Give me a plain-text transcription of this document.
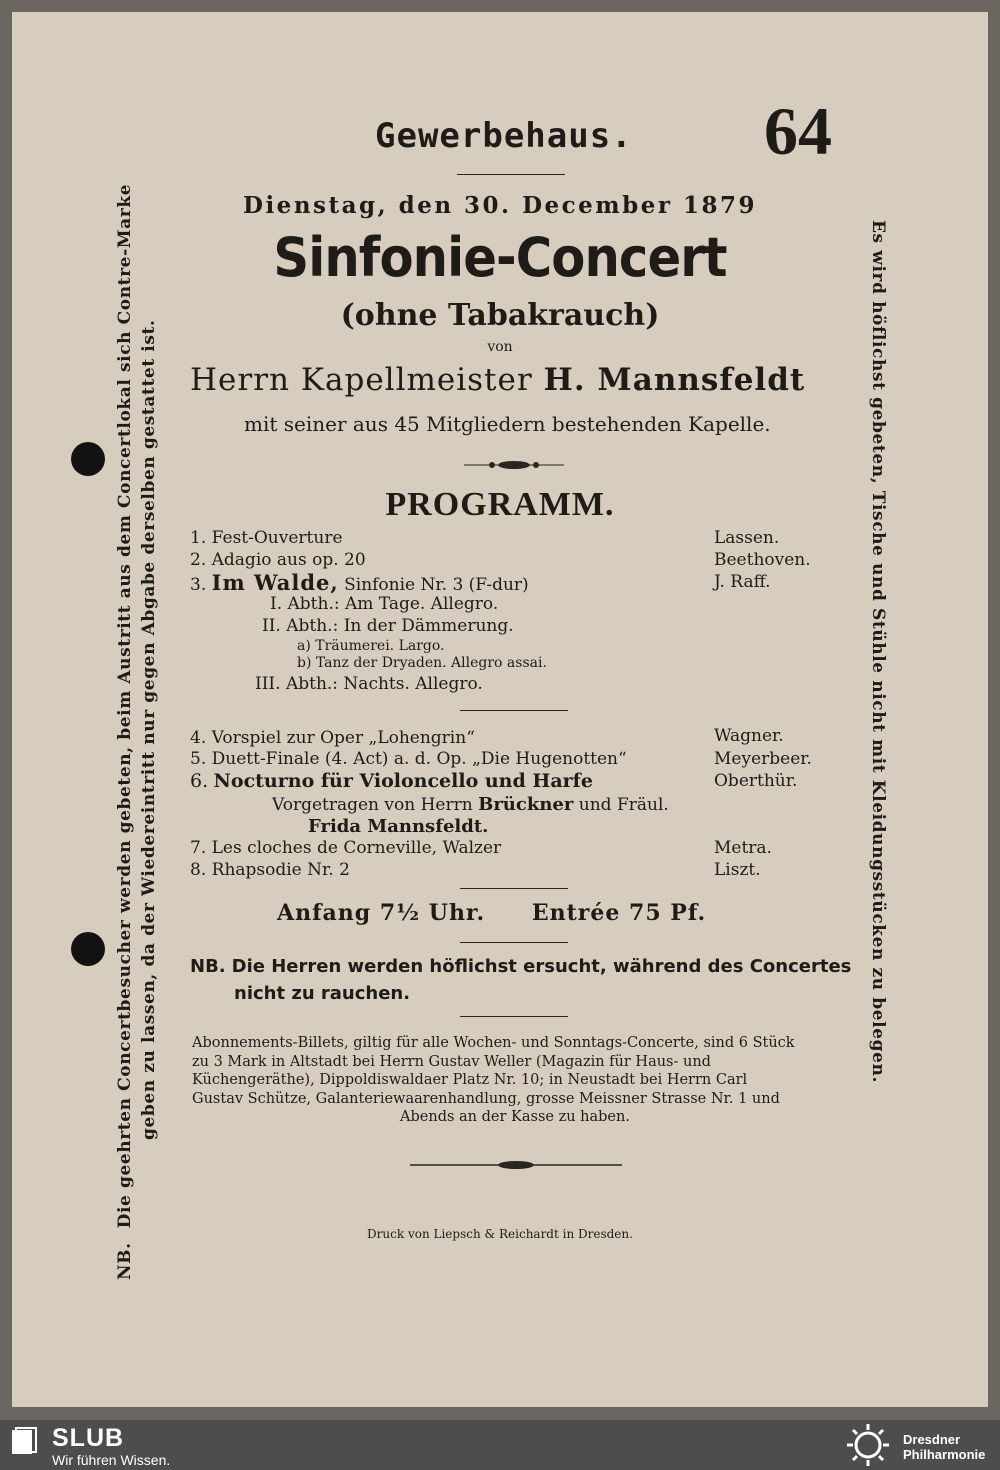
NB.Die geehrten Concertbesucher werden gebeten, beim Austritt aus dem Concertlokal sich Contre-Marke geben zu lassen, da der Wiedereintritt nur gegen Abgabe derselben gestattet ist.	Es wird höflichst gebeten, Tische und Stühle nicht mit Kleidungsstücken zu belegen.
Gewerbehaus. 64
Dienstag, den 30. December 1879
Sinfonie-Concert
(ohne Tabakrauch)
von
Herrn Kapellmeister H. Mannsfeldt
mit seiner aus 45 Mitgliedern bestehenden Kapelle.
PROGRAMM.
1. Fest-Ouverture	Lassen.
2. Adagio aus op. 20	Beethoven.
3. Im Walde, Sinfonie Nr. 3 (F-dur)	J. Raff.
I. Abth.: Am Tage. Allegro.
II. Abth.: In der Dämmerung.
a) Träumerei. Largo.
b) Tanz der Dryaden. Allegro assai.
III. Abth.: Nachts. Allegro.
4. Vorspiel zur Oper „Lohengrin“	Wagner.
5. Duett-Finale (4. Act) a. d. Op. „Die Hugenotten“	Meyerbeer.
6. Nocturno für Violoncello und Harfe	Oberthür.
Vorgetragen von Herrn Brückner und Fräul.
Frida Mannsfeldt.
7. Les cloches de Corneville, Walzer	Metra.
8. Rhapsodie Nr. 2	Liszt.
Anfang 7½ Uhr. Entrée 75 Pf.
NB. Die Herren werden höflichst ersucht, während des Concertes
nicht zu rauchen.
Abonnements-Billets, giltig für alle Wochen- und Sonntags-Concerte, sind 6 Stück
zu 3 Mark in Altstadt bei Herrn Gustav Weller (Magazin für Haus- und
Küchengeräthe), Dippoldiswaldaer Platz Nr. 10; in Neustadt bei Herrn Carl
Gustav Schütze, Galanteriewaarenhandlung, grosse Meissner Strasse Nr. 1 und
Abends an der Kasse zu haben.
Druck von Liepsch & Reichardt in Dresden.
SLUB
Wir führen Wissen.
Dresdner
Philharmonie
